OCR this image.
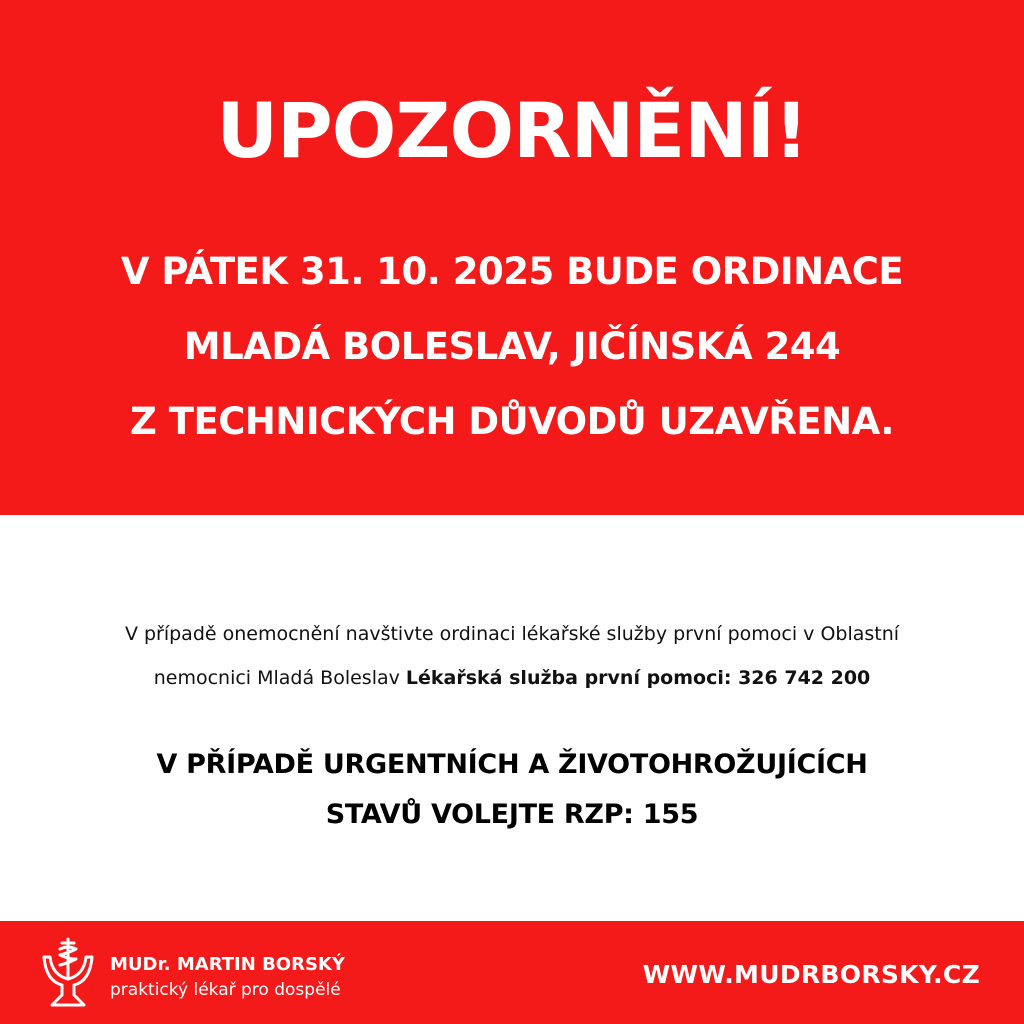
UPOZORNĚNÍ!
V PÁTEK 31. 10. 2025 BUDE ORDINACE
MLADÁ BOLESLAV, JIČÍNSKÁ 244
Z TECHNICKÝCH DŮVODŮ UZAVŘENA.
V případě onemocnění navštivte ordinaci lékařské služby první pomoci v Oblastní
nemocnici Mladá Boleslav Lékařská služba první pomoci: 326 742 200
V PŘÍPADĚ URGENTNÍCH A ŽIVOTOHROŽUJÍCÍCH
STAVŮ VOLEJTE RZP: 155
MUDr. MARTIN BORSKÝ
praktický lékař pro dospělé
WWW.MUDRBORSKY.CZ
